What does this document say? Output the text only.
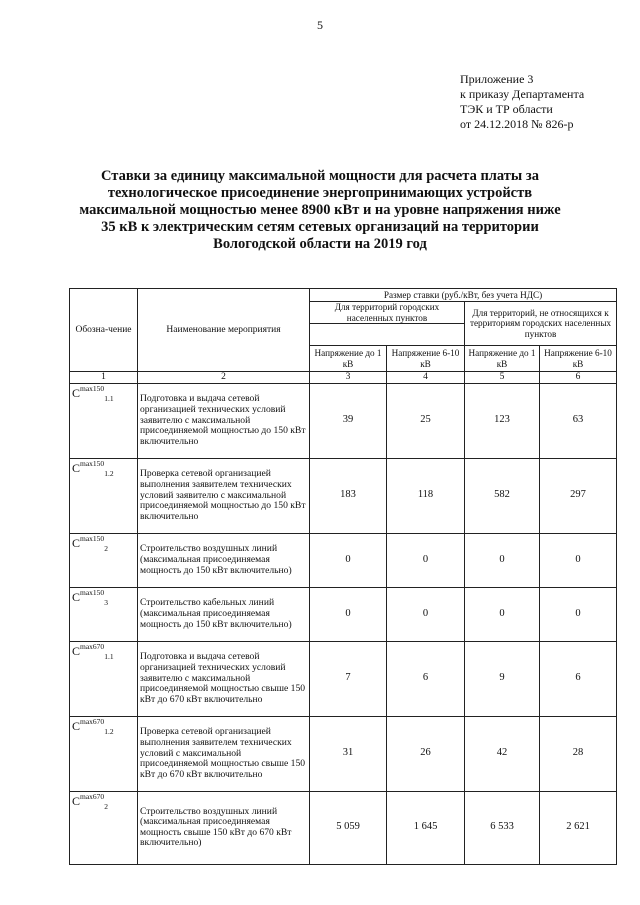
5
Приложение 3
к приказу Департамента
ТЭК и ТР области
от 24.12.2018 № 826-р
Ставки за единицу максимальной мощности для расчета платы за
технологическое присоединение энергопринимающих устройств
максимальной мощностью менее 8900 кВт и на уровне напряжения ниже
35 кВ к электрическим сетям сетевых организаций на территории
Вологодской области на 2019 год
Обозна-чение	Наименование мероприятия	Размер ставки (руб./кВт, без учета НДС)			
		Для территорий городских населенных пунктов		Для территорий, не относящихся к территориям городских населенных пунктов	

		Напряжение до 1 кВ	Напряжение 6-10 кВ	Напряжение до 1 кВ	Напряжение 6-10 кВ
1	2	3	4	5	6
$C^{max150}_{1.1}$	Подготовка и выдача сетевой организацией технических условий заявителю с максимальной присоединяемой мощностью до 150 кВт включительно	39	25	123	63
$C^{max150}_{1.2}$	Проверка сетевой организацией выполнения заявителем технических условий заявителю с максимальной присоединяемой мощностью до 150 кВт включительно	183	118	582	297
$C^{max150}_2$	Строительство воздушных линий (максимальная присоединяемая мощность до 150 кВт включительно)	0	0	0	0
$C^{max150}_3$	Строительство кабельных линий (максимальная присоединяемая мощность до 150 кВт включительно)	0	0	0	0
$C^{max670}_{1.1}$	Подготовка и выдача сетевой организацией технических условий заявителю с максимальной присоединяемой мощностью свыше 150 кВт до 670 кВт включительно	7	6	9	6
$C^{max670}_{1.2}$	Проверка сетевой организацией выполнения заявителем технических условий с максимальной присоединяемой мощностью свыше 150 кВт до 670 кВт включительно	31	26	42	28
$C^{max670}_2$	Строительство воздушных линий (максимальная присоединяемая мощность свыше 150 кВт до 670 кВт включительно)	5 059	1 645	6 533	2 621
